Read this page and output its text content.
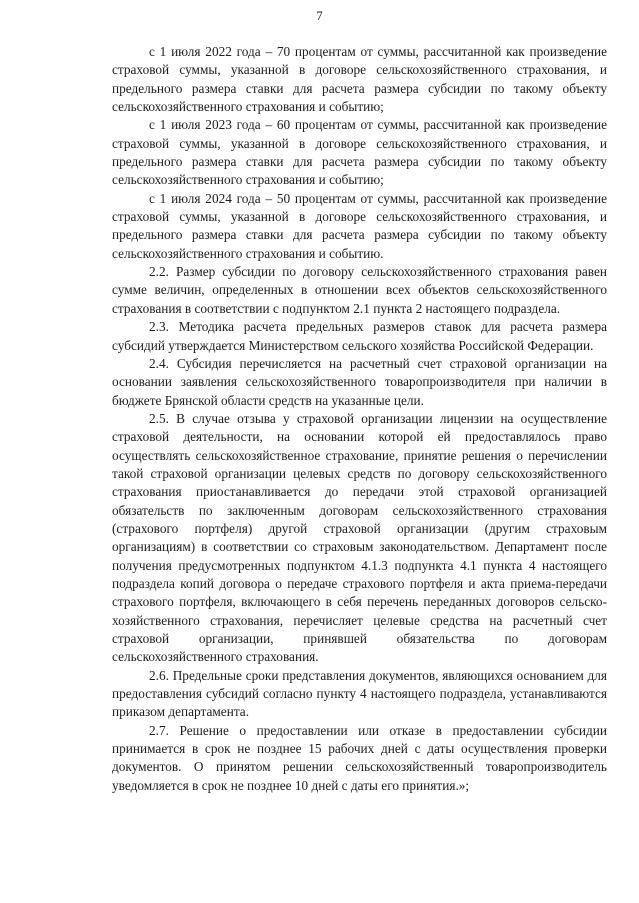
7

с 1 июля 2022 года – 70 процентам от суммы, рассчитанной как произведение страховой суммы, указанной в договоре сельскохозяйственного страхования, и предельного размера ставки для расчета размера субсидии по такому объекту сельскохозяйственного страхования и событию;

с 1 июля 2023 года – 60 процентам от суммы, рассчитанной как произведение страховой суммы, указанной в договоре сельскохозяйственного страхования, и предельного размера ставки для расчета размера субсидии по такому объекту сельскохозяйственного страхования и событию;

с 1 июля 2024 года – 50 процентам от суммы, рассчитанной как произведение страховой суммы, указанной в договоре сельскохозяйственного страхования, и предельного размера ставки для расчета размера субсидии по такому объекту сельскохозяйственного страхования и событию.

2.2. Размер субсидии по договору сельскохозяйственного страхования равен сумме величин, определенных в отношении всех объектов сельскохозяйственного страхования в соответствии с подпунктом 2.1 пункта 2 настоящего подраздела.

2.3. Методика расчета предельных размеров ставок для расчета размера субсидий утверждается Министерством сельского хозяйства Российской Федерации.

2.4. Субсидия перечисляется на расчетный счет страховой организации на основании заявления сельскохозяйственного товаропроизводителя при наличии в бюджете Брянской области средств на указанные цели.

2.5. В случае отзыва у страховой организации лицензии на осуществление страховой деятельности, на основании которой ей предоставлялось право осуществлять сельскохозяйственное страхование, принятие решения о перечислении такой страховой организации целевых средств по договору сельскохозяйственного страхования приостанавливается до передачи этой страховой организацией обязательств по заключенным договорам сельскохозяйственного страхования (страхового портфеля) другой страховой организации (другим страховым организациям) в соответствии со страховым законодательством. Департамент после получения предусмотренных подпунктом 4.1.3 подпункта 4.1 пункта 4 настоящего подраздела копий договора о передаче страхового портфеля и акта приема-передачи страхового портфеля, включающего в себя перечень переданных договоров сельскохозяйственного страхования, перечисляет целевые средства на расчетный счет страховой организации, принявшей обязательства по договорам сельскохозяйственного страхования.

2.6. Предельные сроки представления документов, являющихся основанием для предоставления субсидий согласно пункту 4 настоящего подраздела, устанавливаются приказом департамента.

2.7. Решение о предоставлении или отказе в предоставлении субсидии принимается в срок не позднее 15 рабочих дней с даты осуществления проверки документов. О принятом решении сельскохозяйственный товаропроизводитель уведомляется в срок не позднее 10 дней с даты его принятия.»;
